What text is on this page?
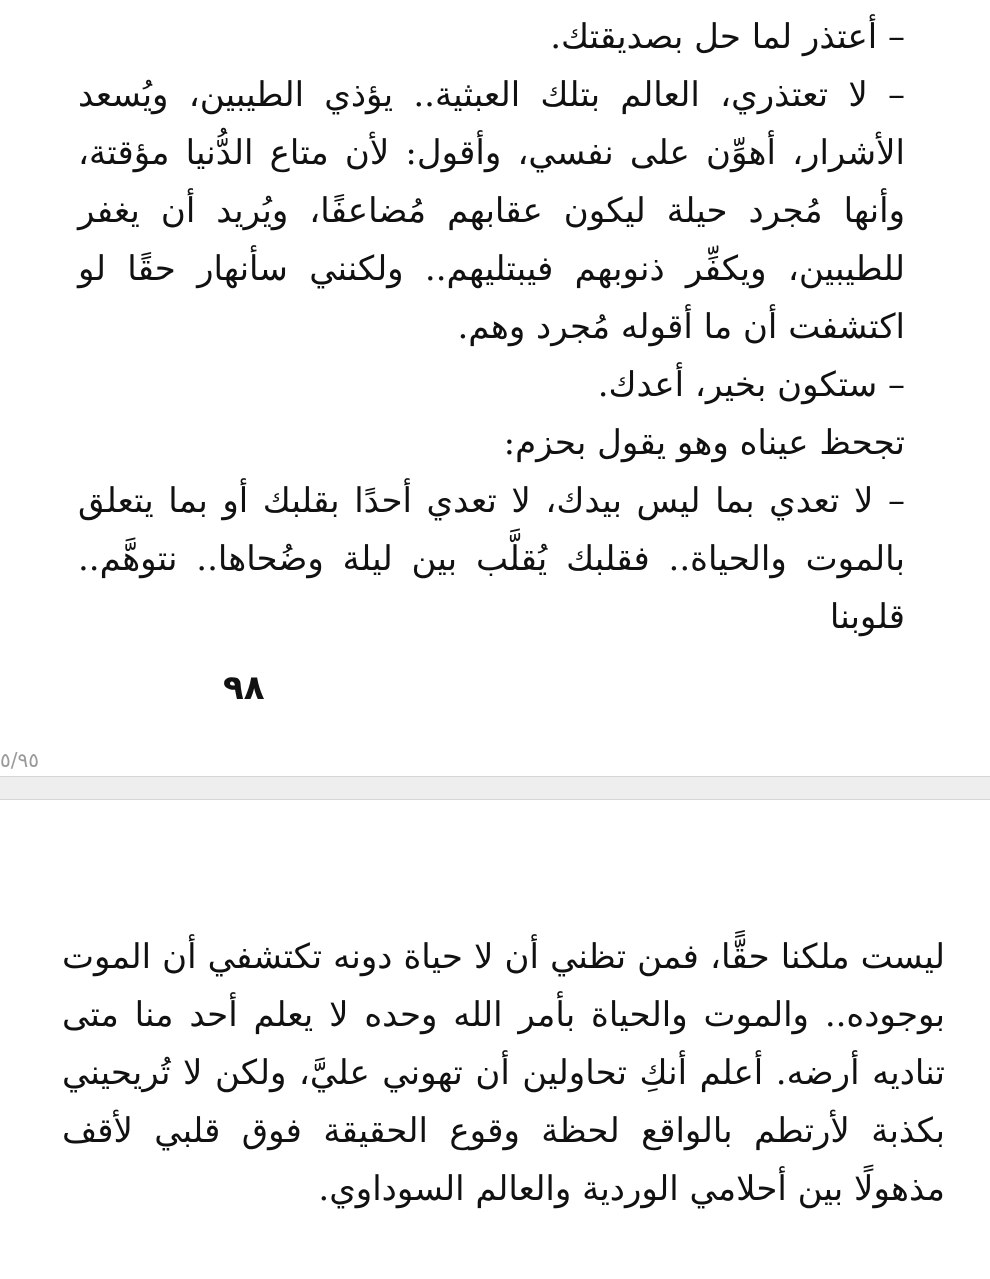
– أعتذر لما حل بصديقتك.

– لا تعتذري، العالم بتلك العبثية.. يؤذي الطيبين، ويُسعد الأشرار، أهوِّن على نفسي، وأقول: لأن متاع الدُّنيا مؤقتة، وأنها مُجرد حيلة ليكون عقابهم مُضاعفًا، ويُريد أن يغفر للطيبين، ويكفِّر ذنوبهم فيبتليهم.. ولكنني سأنهار حقًا لو اكتشفت أن ما أقوله مُجرد وهم.

– ستكون بخير، أعدك.

تجحظ عيناه وهو يقول بحزم:

– لا تعدي بما ليس بيدك، لا تعدي أحدًا بقلبك أو بما يتعلق بالموت والحياة.. فقلبك يُقلَّب بين ليلة وضُحاها.. نتوهَّم.. قلوبنا

٩٨
٥/٩٥

ليست ملكنا حقًّا، فمن تظني أن لا حياة دونه تكتشفي أن الموت بوجوده.. والموت والحياة بأمر الله وحده لا يعلم أحد منا متى تناديه أرضه. أعلم أنكِ تحاولين أن تهوني عليَّ، ولكن لا تُريحيني بكذبة لأرتطم بالواقع لحظة وقوع الحقيقة فوق قلبي لأقف مذهولًا بين أحلامي الوردية والعالم السوداوي.
